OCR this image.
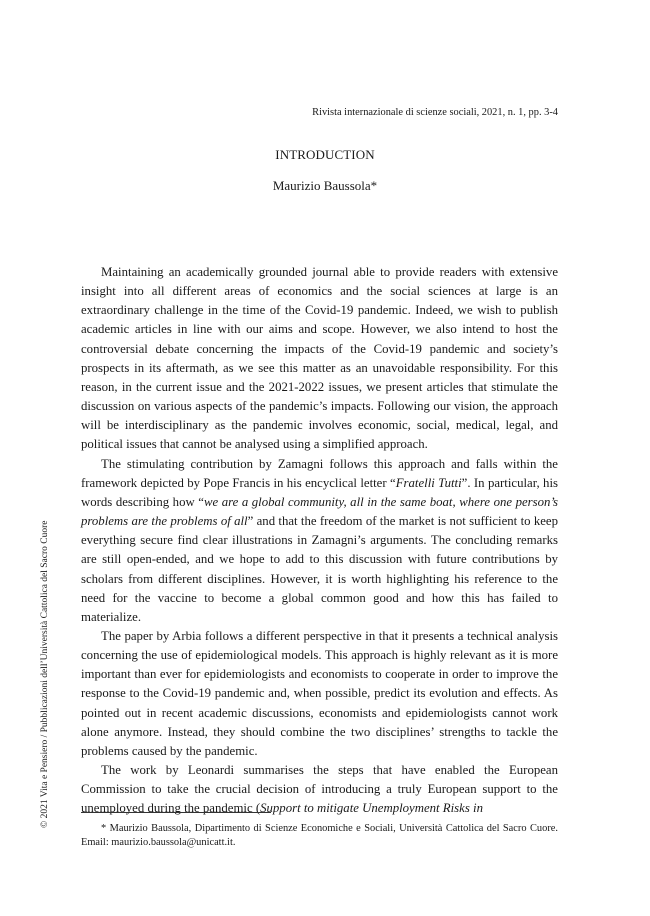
Rivista internazionale di scienze sociali, 2021, n. 1, pp. 3-4
INTRODUCTION
Maurizio Baussola*

Maintaining an academically grounded journal able to provide readers with extensive insight into all different areas of economics and the social sciences at large is an extraordinary challenge in the time of the Covid-19 pandemic. Indeed, we wish to publish academic articles in line with our aims and scope. However, we also intend to host the controversial debate concerning the impacts of the Covid-19 pandemic and society’s prospects in its aftermath, as we see this matter as an unavoidable responsibility. For this reason, in the current issue and the 2021-2022 issues, we present articles that stimulate the discussion on various aspects of the pandemic’s impacts. Following our vision, the approach will be interdisciplinary as the pandemic involves economic, social, medical, legal, and political issues that cannot be analysed using a simplified approach.

The stimulating contribution by Zamagni follows this approach and falls within the framework depicted by Pope Francis in his encyclical letter “Fratelli Tutti”. In particular, his words describing how “we are a global community, all in the same boat, where one person’s problems are the problems of all” and that the freedom of the market is not sufficient to keep everything secure find clear illustrations in Zamagni’s arguments. The concluding remarks are still open-ended, and we hope to add to this discussion with future contributions by scholars from different disciplines. However, it is worth highlighting his reference to the need for the vaccine to become a global common good and how this has failed to materialize.

The paper by Arbia follows a different perspective in that it presents a technical analysis concerning the use of epidemiological models. This approach is highly relevant as it is more important than ever for epidemiologists and economists to cooperate in order to improve the response to the Covid-19 pandemic and, when possible, predict its evolution and effects. As pointed out in recent academic discussions, economists and epidemiologists cannot work alone anymore. Instead, they should combine the two disciplines’ strengths to tackle the problems caused by the pandemic.

The work by Leonardi summarises the steps that have enabled the European Commission to take the crucial decision of introducing a truly European support to the unemployed during the pandemic (Support to mitigate Unemployment Risks in

* Maurizio Baussola, Dipartimento di Scienze Economiche e Sociali, Università Cattolica del Sacro Cuore. Email: maurizio.baussola@unicatt.it.
© 2021 Vita e Pensiero / Pubblicazioni dell’Università Cattolica del Sacro Cuore
